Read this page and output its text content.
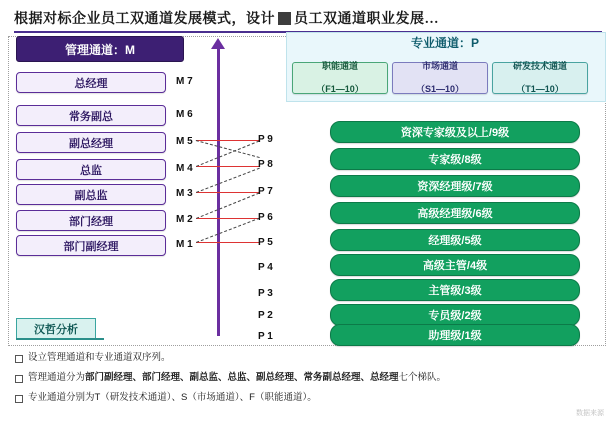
根据对标企业员工双通道发展模式，设计 员工双通道职业发展…
管理通道：M
总经理	M 7
常务副总	M 6
副总经理	M 5
总监	M 4
副总监	M 3
部门经理	M 2
部门副经理	M 1
专业通道：P
职能通道

（F1—10）
市场通道

（S1—10）
研发技术通道

（T1—10）
P 9
P 8
P 7
P 6
P 5
P 4
P 3
P 2
P 1
资深专家级及以上/9级
专家级/8级
资深经理级/7级
高级经理级/6级
经理级/5级
高级主管/4级
主管级/3级
专员级/2级
助理级/1级
汉哲分析
设立管理通道和专业通道双序列。
管理通道分为部门副经理、部门经理、副总监、总监、副总经理、常务副总经理、总经理七个梯队。
专业通道分别为T（研发技术通道）、S（市场通道）、F（职能通道）。
数据来源
